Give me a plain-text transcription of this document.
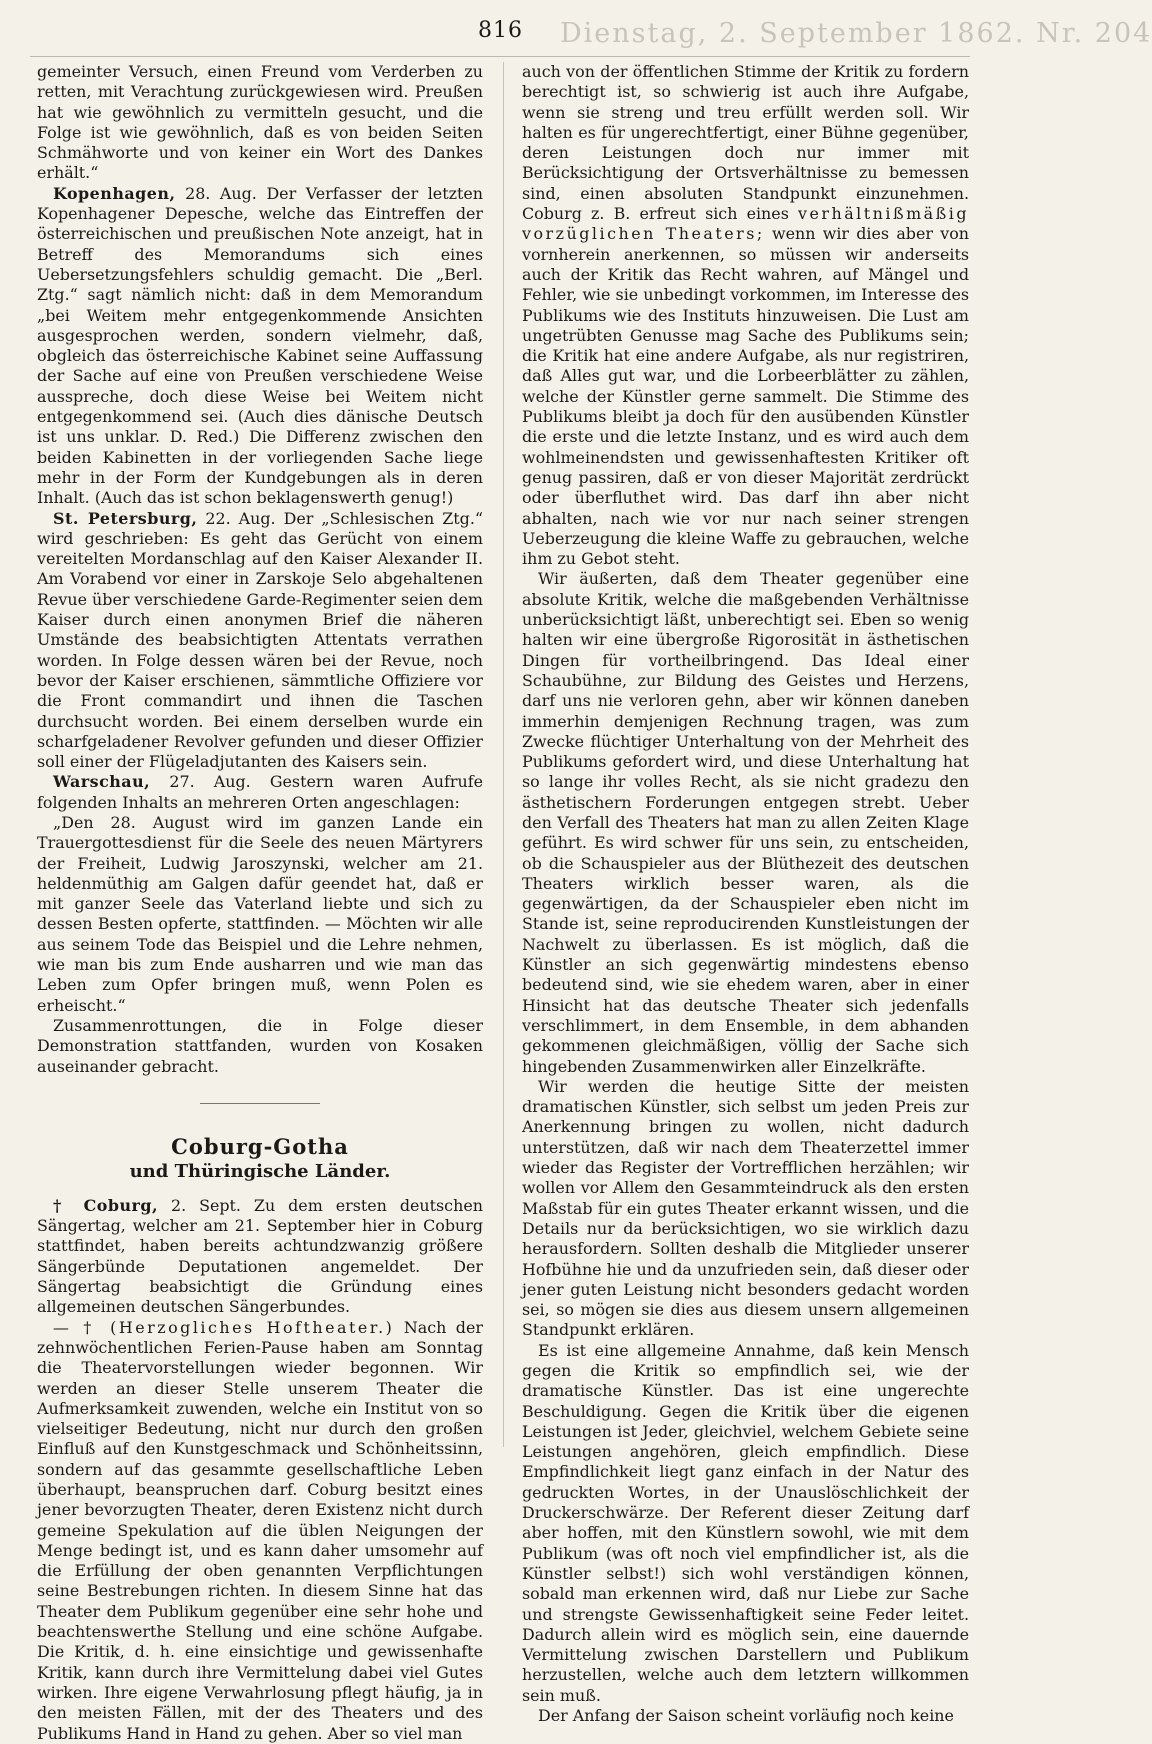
816 Dienstag, 2. September 1862. Nr. 204

gemeinter Versuch, einen Freund vom Verderben zu retten, mit Verachtung zurückgewiesen wird. Preußen hat wie gewöhnlich zu vermitteln gesucht, und die Folge ist wie gewöhnlich, daß es von beiden Seiten Schmähworte und von keiner ein Wort des Dankes erhält.“

Kopenhagen, 28. Aug. Der Verfasser der letzten Kopenhagener Depesche, welche das Eintreffen der österreichischen und preußischen Note anzeigt, hat in Betreff des Memorandums sich eines Uebersetzungsfehlers schuldig gemacht. Die „Berl. Ztg.“ sagt nämlich nicht: daß in dem Memorandum „bei Weitem mehr entgegenkommende Ansichten ausgesprochen werden, sondern vielmehr, daß, obgleich das österreichische Kabinet seine Auffassung der Sache auf eine von Preußen verschiedene Weise ausspreche, doch diese Weise bei Weitem nicht entgegenkommend sei. (Auch dies dänische Deutsch ist uns unklar. D. Red.) Die Differenz zwischen den beiden Kabinetten in der vorliegenden Sache liege mehr in der Form der Kundgebungen als in deren Inhalt. (Auch das ist schon beklagenswerth genug!)

St. Petersburg, 22. Aug. Der „Schlesischen Ztg.“ wird geschrieben: Es geht das Gerücht von einem vereitelten Mordanschlag auf den Kaiser Alexander II. Am Vorabend vor einer in Zarskoje Selo abgehaltenen Revue über verschiedene Garde-Regimenter seien dem Kaiser durch einen anonymen Brief die näheren Umstände des beabsichtigten Attentats verrathen worden. In Folge dessen wären bei der Revue, noch bevor der Kaiser erschienen, sämmtliche Offiziere vor die Front commandirt und ihnen die Taschen durchsucht worden. Bei einem derselben wurde ein scharfgeladener Revolver gefunden und dieser Offizier soll einer der Flügeladjutanten des Kaisers sein.

Warschau, 27. Aug. Gestern waren Aufrufe folgenden Inhalts an mehreren Orten angeschlagen:

„Den 28. August wird im ganzen Lande ein Trauergottesdienst für die Seele des neuen Märtyrers der Freiheit, Ludwig Jaroszynski, welcher am 21. heldenmüthig am Galgen dafür geendet hat, daß er mit ganzer Seele das Vaterland liebte und sich zu dessen Besten opferte, stattfinden. — Möchten wir alle aus seinem Tode das Beispiel und die Lehre nehmen, wie man bis zum Ende ausharren und wie man das Leben zum Opfer bringen muß, wenn Polen es erheischt.“

Zusammenrottungen, die in Folge dieser Demonstration stattfanden, wurden von Kosaken auseinander gebracht.

Coburg-Gotha
und Thüringische Länder.

† Coburg, 2. Sept. Zu dem ersten deutschen Sängertag, welcher am 21. September hier in Coburg stattfindet, haben bereits achtundzwanzig größere Sängerbünde Deputationen angemeldet. Der Sängertag beabsichtigt die Gründung eines allgemeinen deutschen Sängerbundes.

— † (Herzogliches Hoftheater.) Nach der zehnwöchentlichen Ferien-Pause haben am Sonntag die Theatervorstellungen wieder begonnen. Wir werden an dieser Stelle unserem Theater die Aufmerksamkeit zuwenden, welche ein Institut von so vielseitiger Bedeutung, nicht nur durch den großen Einfluß auf den Kunstgeschmack und Schönheitssinn, sondern auf das gesammte gesellschaftliche Leben überhaupt, beanspruchen darf. Coburg besitzt eines jener bevorzugten Theater, deren Existenz nicht durch gemeine Spekulation auf die üblen Neigungen der Menge bedingt ist, und es kann daher umsomehr auf die Erfüllung der oben genannten Verpflichtungen seine Bestrebungen richten. In diesem Sinne hat das Theater dem Publikum gegenüber eine sehr hohe und beachtenswerthe Stellung und eine schöne Aufgabe. Die Kritik, d. h. eine einsichtige und gewissenhafte Kritik, kann durch ihre Vermittelung dabei viel Gutes wirken. Ihre eigene Verwahrlosung pflegt häufig, ja in den meisten Fällen, mit der des Theaters und des Publikums Hand in Hand zu gehen. Aber so viel man

auch von der öffentlichen Stimme der Kritik zu fordern berechtigt ist, so schwierig ist auch ihre Aufgabe, wenn sie streng und treu erfüllt werden soll. Wir halten es für ungerechtfertigt, einer Bühne gegenüber, deren Leistungen doch nur immer mit Berücksichtigung der Ortsverhältnisse zu bemessen sind, einen absoluten Standpunkt einzunehmen. Coburg z. B. erfreut sich eines verhältnißmäßig vorzüglichen Theaters; wenn wir dies aber von vornherein anerkennen, so müssen wir anderseits auch der Kritik das Recht wahren, auf Mängel und Fehler, wie sie unbedingt vorkommen, im Interesse des Publikums wie des Instituts hinzuweisen. Die Lust am ungetrübten Genusse mag Sache des Publikums sein; die Kritik hat eine andere Aufgabe, als nur registriren, daß Alles gut war, und die Lorbeerblätter zu zählen, welche der Künstler gerne sammelt. Die Stimme des Publikums bleibt ja doch für den ausübenden Künstler die erste und die letzte Instanz, und es wird auch dem wohlmeinendsten und gewissenhaftesten Kritiker oft genug passiren, daß er von dieser Majorität zerdrückt oder überfluthet wird. Das darf ihn aber nicht abhalten, nach wie vor nur nach seiner strengen Ueberzeugung die kleine Waffe zu gebrauchen, welche ihm zu Gebot steht.

Wir äußerten, daß dem Theater gegenüber eine absolute Kritik, welche die maßgebenden Verhältnisse unberücksichtigt läßt, unberechtigt sei. Eben so wenig halten wir eine übergroße Rigorosität in ästhetischen Dingen für vortheilbringend. Das Ideal einer Schaubühne, zur Bildung des Geistes und Herzens, darf uns nie verloren gehn, aber wir können daneben immerhin demjenigen Rechnung tragen, was zum Zwecke flüchtiger Unterhaltung von der Mehrheit des Publikums gefordert wird, und diese Unterhaltung hat so lange ihr volles Recht, als sie nicht gradezu den ästhetischern Forderungen entgegen strebt. Ueber den Verfall des Theaters hat man zu allen Zeiten Klage geführt. Es wird schwer für uns sein, zu entscheiden, ob die Schauspieler aus der Blüthezeit des deutschen Theaters wirklich besser waren, als die gegenwärtigen, da der Schauspieler eben nicht im Stande ist, seine reproducirenden Kunstleistungen der Nachwelt zu überlassen. Es ist möglich, daß die Künstler an sich gegenwärtig mindestens ebenso bedeutend sind, wie sie ehedem waren, aber in einer Hinsicht hat das deutsche Theater sich jedenfalls verschlimmert, in dem Ensemble, in dem abhanden gekommenen gleichmäßigen, völlig der Sache sich hingebenden Zusammenwirken aller Einzelkräfte.

Wir werden die heutige Sitte der meisten dramatischen Künstler, sich selbst um jeden Preis zur Anerkennung bringen zu wollen, nicht dadurch unterstützen, daß wir nach dem Theaterzettel immer wieder das Register der Vortrefflichen herzählen; wir wollen vor Allem den Gesammteindruck als den ersten Maßstab für ein gutes Theater erkannt wissen, und die Details nur da berücksichtigen, wo sie wirklich dazu herausfordern. Sollten deshalb die Mitglieder unserer Hofbühne hie und da unzufrieden sein, daß dieser oder jener guten Leistung nicht besonders gedacht worden sei, so mögen sie dies aus diesem unsern allgemeinen Standpunkt erklären.

Es ist eine allgemeine Annahme, daß kein Mensch gegen die Kritik so empfindlich sei, wie der dramatische Künstler. Das ist eine ungerechte Beschuldigung. Gegen die Kritik über die eigenen Leistungen ist Jeder, gleichviel, welchem Gebiete seine Leistungen angehören, gleich empfindlich. Diese Empfindlichkeit liegt ganz einfach in der Natur des gedruckten Wortes, in der Unauslöschlichkeit der Druckerschwärze. Der Referent dieser Zeitung darf aber hoffen, mit den Künstlern sowohl, wie mit dem Publikum (was oft noch viel empfindlicher ist, als die Künstler selbst!) sich wohl verständigen können, sobald man erkennen wird, daß nur Liebe zur Sache und strengste Gewissenhaftigkeit seine Feder leitet. Dadurch allein wird es möglich sein, eine dauernde Vermittelung zwischen Darstellern und Publikum herzustellen, welche auch dem letztern willkommen sein muß.

Der Anfang der Saison scheint vorläufig noch keine
